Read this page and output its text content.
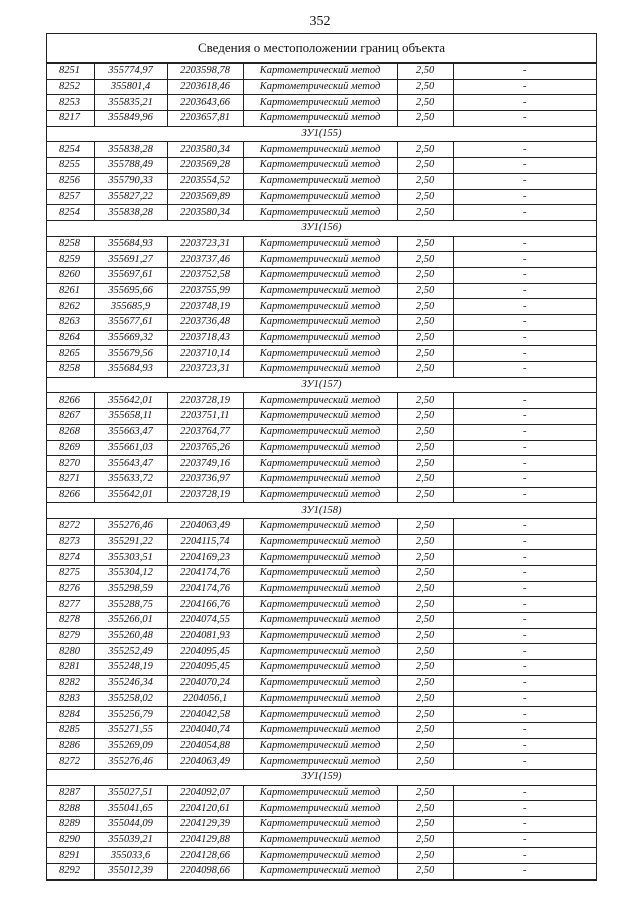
352
Сведения о местоположении границ объекта
8251	355774,97	2203598,78	Картометрический метод	2,50	-
8252	355801,4	2203618,46	Картометрический метод	2,50	-
8253	355835,21	2203643,66	Картометрический метод	2,50	-
8217	355849,96	2203657,81	Картометрический метод	2,50	-
ЗУ1(155)					
8254	355838,28	2203580,34	Картометрический метод	2,50	-
8255	355788,49	2203569,28	Картометрический метод	2,50	-
8256	355790,33	2203554,52	Картометрический метод	2,50	-
8257	355827,22	2203569,89	Картометрический метод	2,50	-
8254	355838,28	2203580,34	Картометрический метод	2,50	-
ЗУ1(156)					
8258	355684,93	2203723,31	Картометрический метод	2,50	-
8259	355691,27	2203737,46	Картометрический метод	2,50	-
8260	355697,61	2203752,58	Картометрический метод	2,50	-
8261	355695,66	2203755,99	Картометрический метод	2,50	-
8262	355685,9	2203748,19	Картометрический метод	2,50	-
8263	355677,61	2203736,48	Картометрический метод	2,50	-
8264	355669,32	2203718,43	Картометрический метод	2,50	-
8265	355679,56	2203710,14	Картометрический метод	2,50	-
8258	355684,93	2203723,31	Картометрический метод	2,50	-
ЗУ1(157)					
8266	355642,01	2203728,19	Картометрический метод	2,50	-
8267	355658,11	2203751,11	Картометрический метод	2,50	-
8268	355663,47	2203764,77	Картометрический метод	2,50	-
8269	355661,03	2203765,26	Картометрический метод	2,50	-
8270	355643,47	2203749,16	Картометрический метод	2,50	-
8271	355633,72	2203736,97	Картометрический метод	2,50	-
8266	355642,01	2203728,19	Картометрический метод	2,50	-
ЗУ1(158)					
8272	355276,46	2204063,49	Картометрический метод	2,50	-
8273	355291,22	2204115,74	Картометрический метод	2,50	-
8274	355303,51	2204169,23	Картометрический метод	2,50	-
8275	355304,12	2204174,76	Картометрический метод	2,50	-
8276	355298,59	2204174,76	Картометрический метод	2,50	-
8277	355288,75	2204166,76	Картометрический метод	2,50	-
8278	355266,01	2204074,55	Картометрический метод	2,50	-
8279	355260,48	2204081,93	Картометрический метод	2,50	-
8280	355252,49	2204095,45	Картометрический метод	2,50	-
8281	355248,19	2204095,45	Картометрический метод	2,50	-
8282	355246,34	2204070,24	Картометрический метод	2,50	-
8283	355258,02	2204056,1	Картометрический метод	2,50	-
8284	355256,79	2204042,58	Картометрический метод	2,50	-
8285	355271,55	2204040,74	Картометрический метод	2,50	-
8286	355269,09	2204054,88	Картометрический метод	2,50	-
8272	355276,46	2204063,49	Картометрический метод	2,50	-
ЗУ1(159)					
8287	355027,51	2204092,07	Картометрический метод	2,50	-
8288	355041,65	2204120,61	Картометрический метод	2,50	-
8289	355044,09	2204129,39	Картометрический метод	2,50	-
8290	355039,21	2204129,88	Картометрический метод	2,50	-
8291	355033,6	2204128,66	Картометрический метод	2,50	-
8292	355012,39	2204098,66	Картометрический метод	2,50	-
